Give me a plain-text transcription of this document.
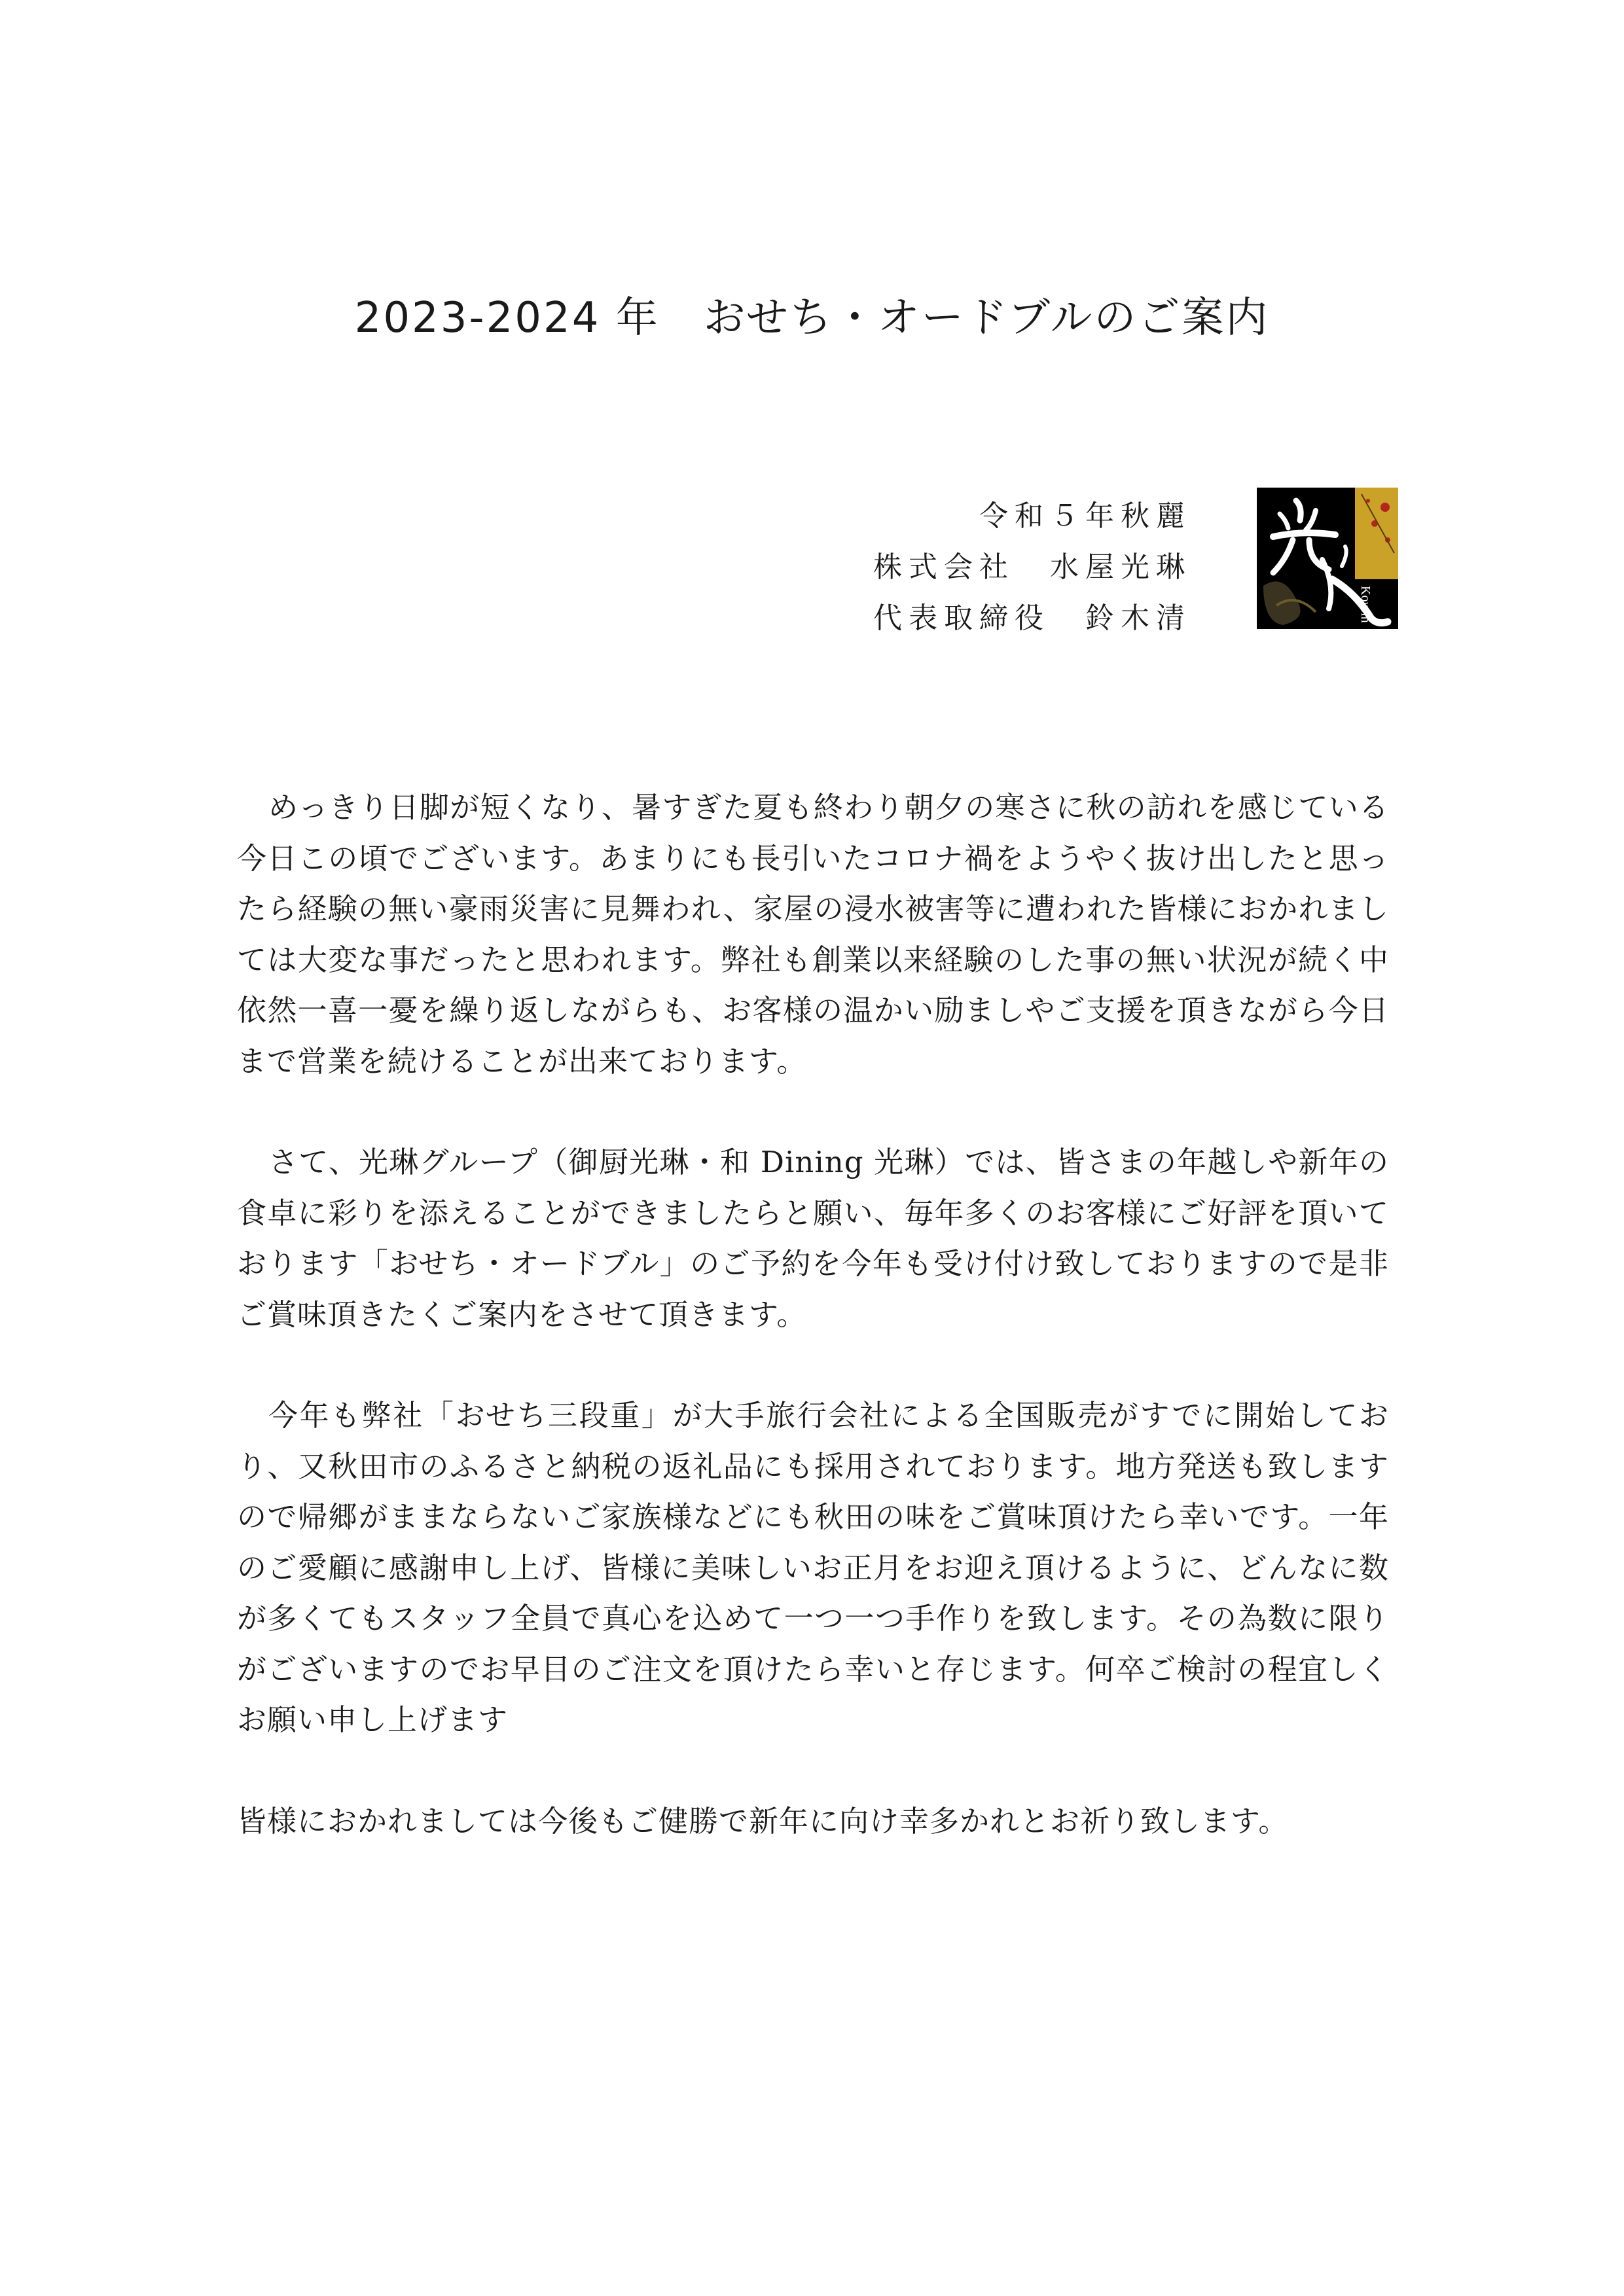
2023-2024 年　おせち・オードブルのご案内
令和５年秋麗
株式会社　水屋光琳
代表取締役　鈴木清	Kourin

めっきり日脚が短くなり、暑すぎた夏も終わり朝夕の寒さに秋の訪れを感じている今日この頃でございます。あまりにも長引いたコロナ禍をようやく抜け出したと思ったら経験の無い豪雨災害に見舞われ、家屋の浸水被害等に遭われた皆様におかれましては大変な事だったと思われます。弊社も創業以来経験のした事の無い状況が続く中依然一喜一憂を繰り返しながらも、お客様の温かい励ましやご支援を頂きながら今日まで営業を続けることが出来ております。

さて、光琳グループ（御厨光琳・和 Dining 光琳）では、皆さまの年越しや新年の食卓に彩りを添えることができましたらと願い、毎年多くのお客様にご好評を頂いております「おせち・オードブル」のご予約を今年も受け付け致しておりますので是非ご賞味頂きたくご案内をさせて頂きます。

今年も弊社「おせち三段重」が大手旅行会社による全国販売がすでに開始しており、又秋田市のふるさと納税の返礼品にも採用されております。地方発送も致しますので帰郷がままならないご家族様などにも秋田の味をご賞味頂けたら幸いです。一年のご愛顧に感謝申し上げ、皆様に美味しいお正月をお迎え頂けるように、どんなに数が多くてもスタッフ全員で真心を込めて一つ一つ手作りを致します。その為数に限りがございますのでお早目のご注文を頂けたら幸いと存じます。何卒ご検討の程宜しくお願い申し上げます

皆様におかれましては今後もご健勝で新年に向け幸多かれとお祈り致します。
